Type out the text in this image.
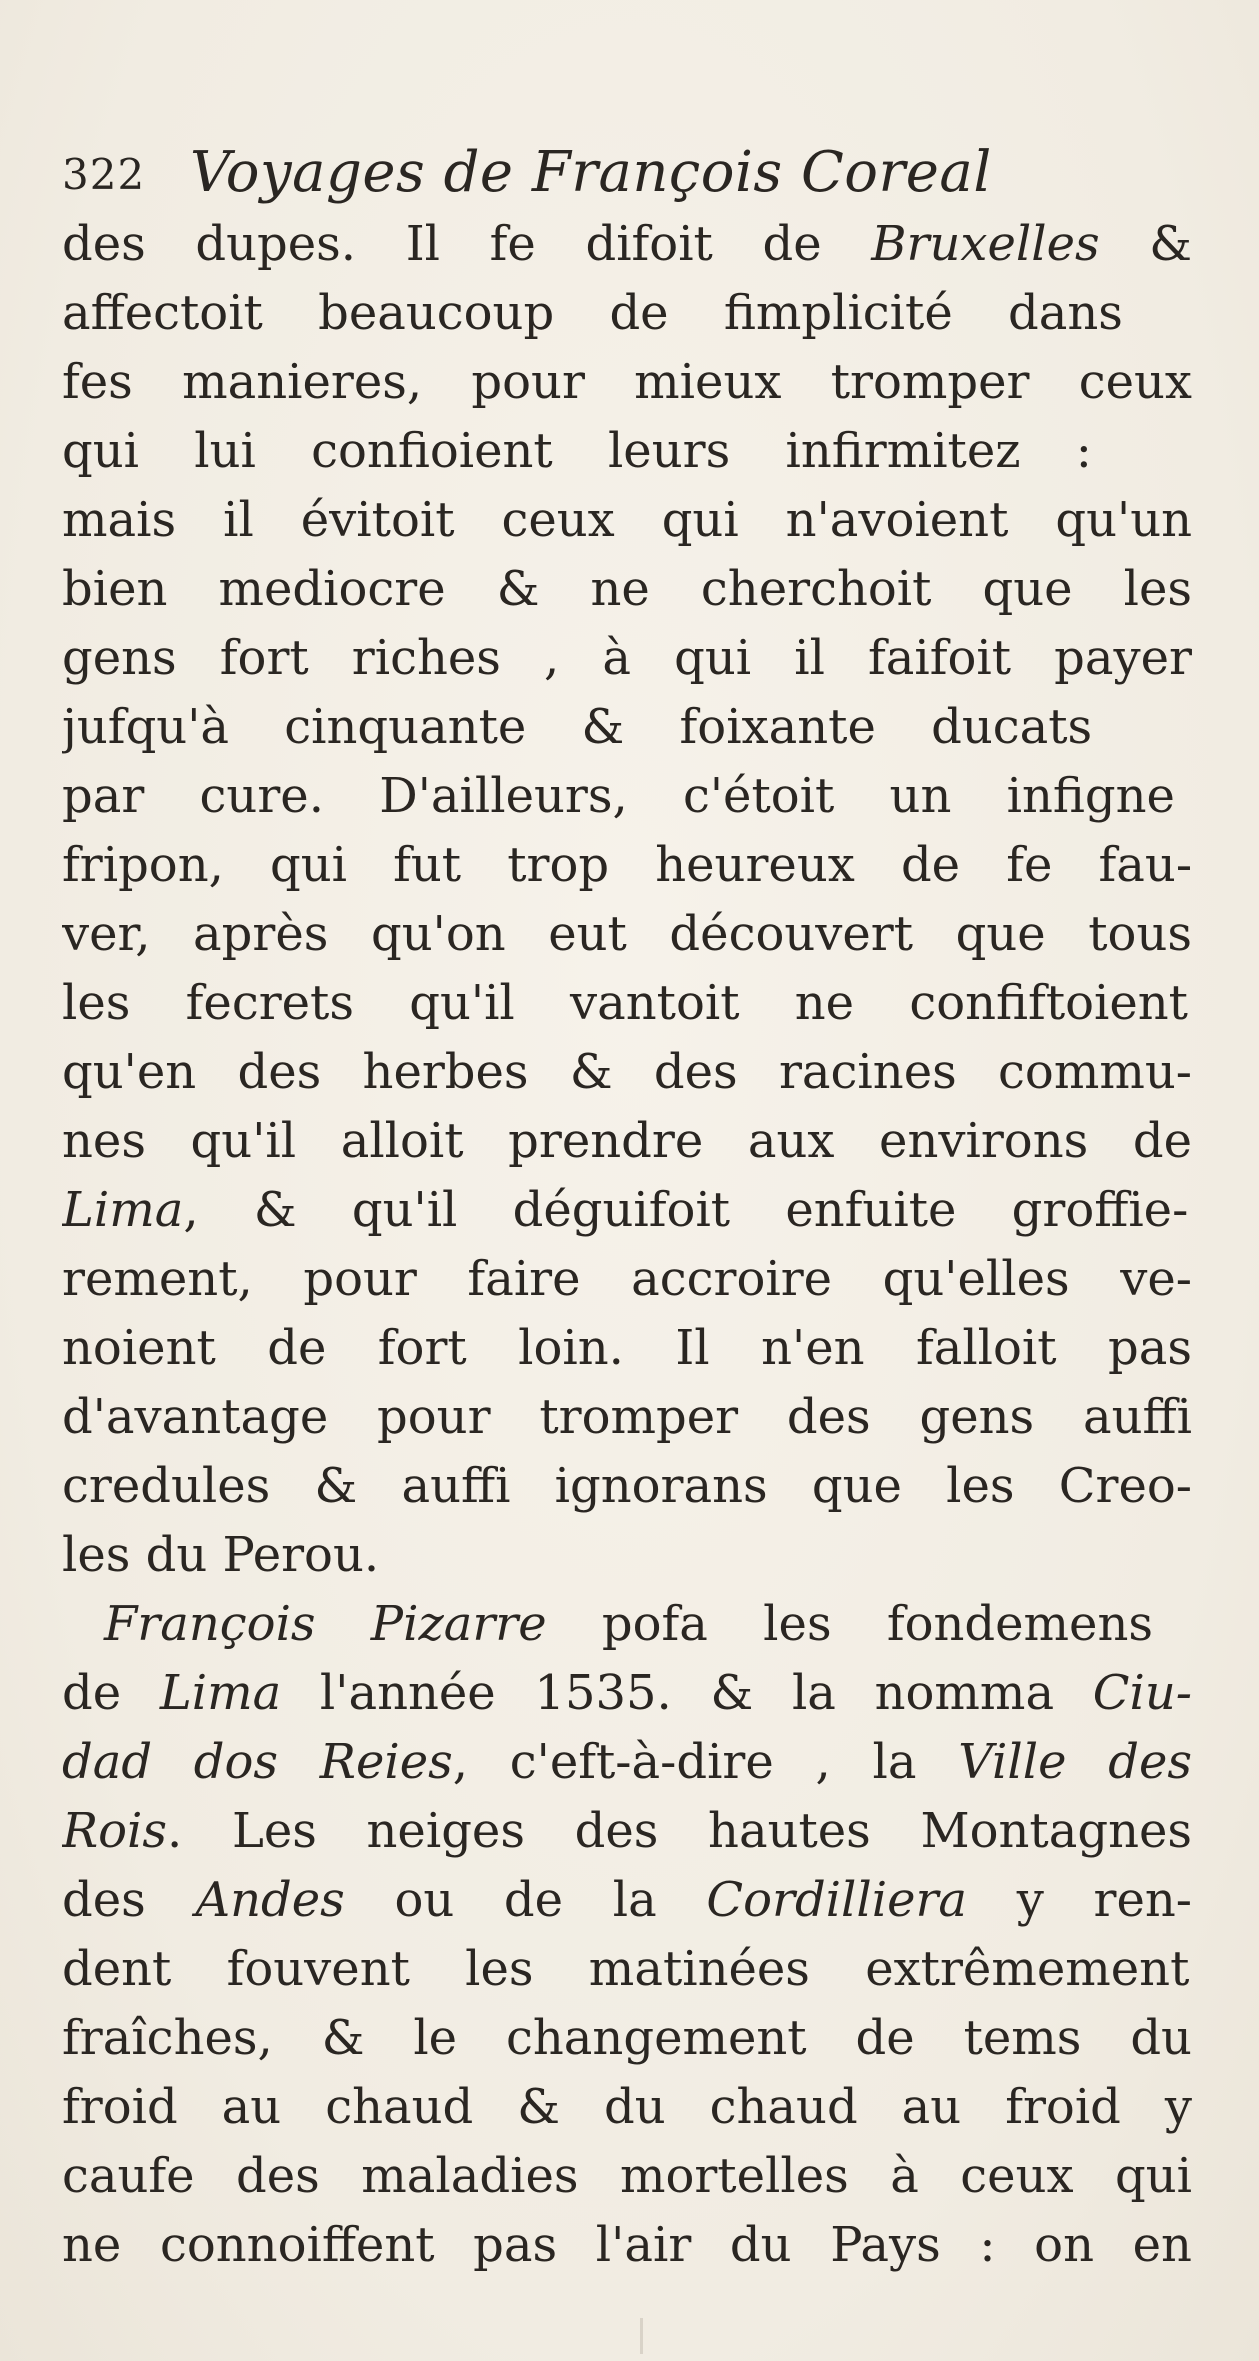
322 Voyages de François Coreal
des dupes. Il fe difoit de Bruxelles &
affectoit beaucoup de fimplicité dans
fes manieres, pour mieux tromper ceux
qui lui confioient leurs infirmitez :
mais il évitoit ceux qui n'avoient qu'un
bien mediocre & ne cherchoit que les
gens fort riches , à qui il faifoit payer
jufqu'à cinquante & foixante ducats
par cure. D'ailleurs, c'étoit un infigne
fripon, qui fut trop heureux de fe fau-
ver, après qu'on eut découvert que tous
les fecrets qu'il vantoit ne confiftoient
qu'en des herbes & des racines commu-
nes qu'il alloit prendre aux environs de
Lima, & qu'il déguifoit enfuite groffie-
rement, pour faire accroire qu'elles ve-
noient de fort loin. Il n'en falloit pas
d'avantage pour tromper des gens auffi
credules & auffi ignorans que les Creo-
les du Perou.
François Pizarre pofa les fondemens
de Lima l'année 1535. & la nomma Ciu-
dad dos Reies, c'eft-à-dire , la Ville des
Rois. Les neiges des hautes Montagnes
des Andes ou de la Cordilliera y ren-
dent fouvent les matinées extrêmement
fraîches, & le changement de tems du
froid au chaud & du chaud au froid y
caufe des maladies mortelles à ceux qui
ne connoiffent pas l'air du Pays : on en
